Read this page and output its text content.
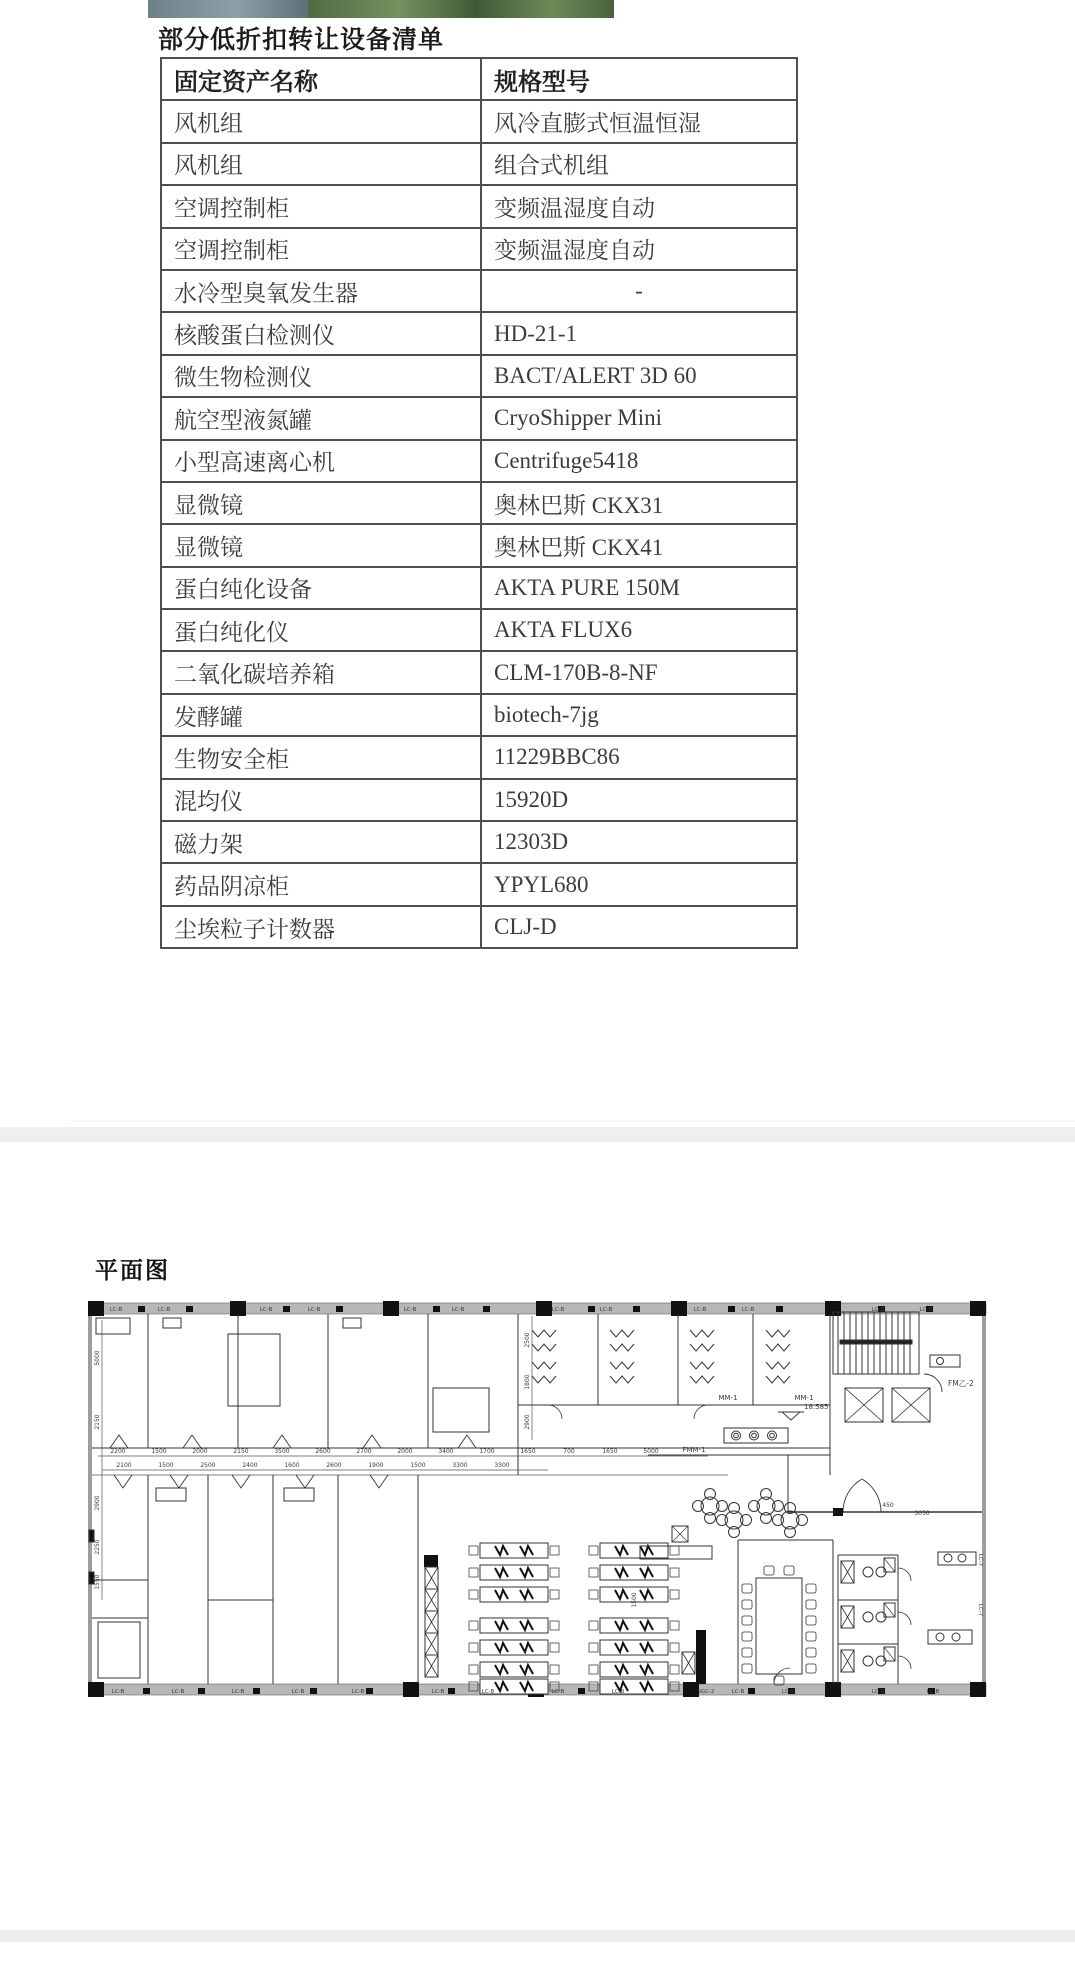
部分低折扣转让设备清单
固定资产名称	规格型号
风机组	风冷直膨式恒温恒湿
风机组	组合式机组
空调控制柜	变频温湿度自动
空调控制柜	变频温湿度自动
水冷型臭氧发生器	-
核酸蛋白检测仪	HD-21-1
微生物检测仪	BACT/ALERT 3D 60
航空型液氮罐	CryoShipper Mini
小型高速离心机	Centrifuge5418
显微镜	奥林巴斯 CKX31
显微镜	奥林巴斯 CKX41
蛋白纯化设备	AKTA PURE 150M
蛋白纯化仪	AKTA FLUX6
二氧化碳培养箱	CLM-170B-8-NF
发酵罐	biotech-7jg
生物安全柜	11229BBC86
混均仪	15920D
磁力架	12303D
药品阴凉柜	YPYL680
尘埃粒子计数器	CLJ-D
平面图
LC-B	LC-B	LC-B	LC-B	LC-B	LC-B	LC-B	LC-B	LC-B	LC-B	LC-B	LC-B
LC-B	LC-B	LC-B	LC-B	LC-B	LC-B	LC-B	LC-B	LC-B	LC-B	LC-B	LC-B	LC-B
SGC-2
2200	1500	2000	2150	3500	2600	2700	2000	3400	1700	1650	700	1650	5000
2100	1500	2500	2400	1600	2600	1900	1500	3300	3300
5000
2150
2900
2250
1550
2500
1800
2900
450
3050
1500
MM-1	MM-1
FMM-1
FM乙-2
18.585
LC-7
LC-7
